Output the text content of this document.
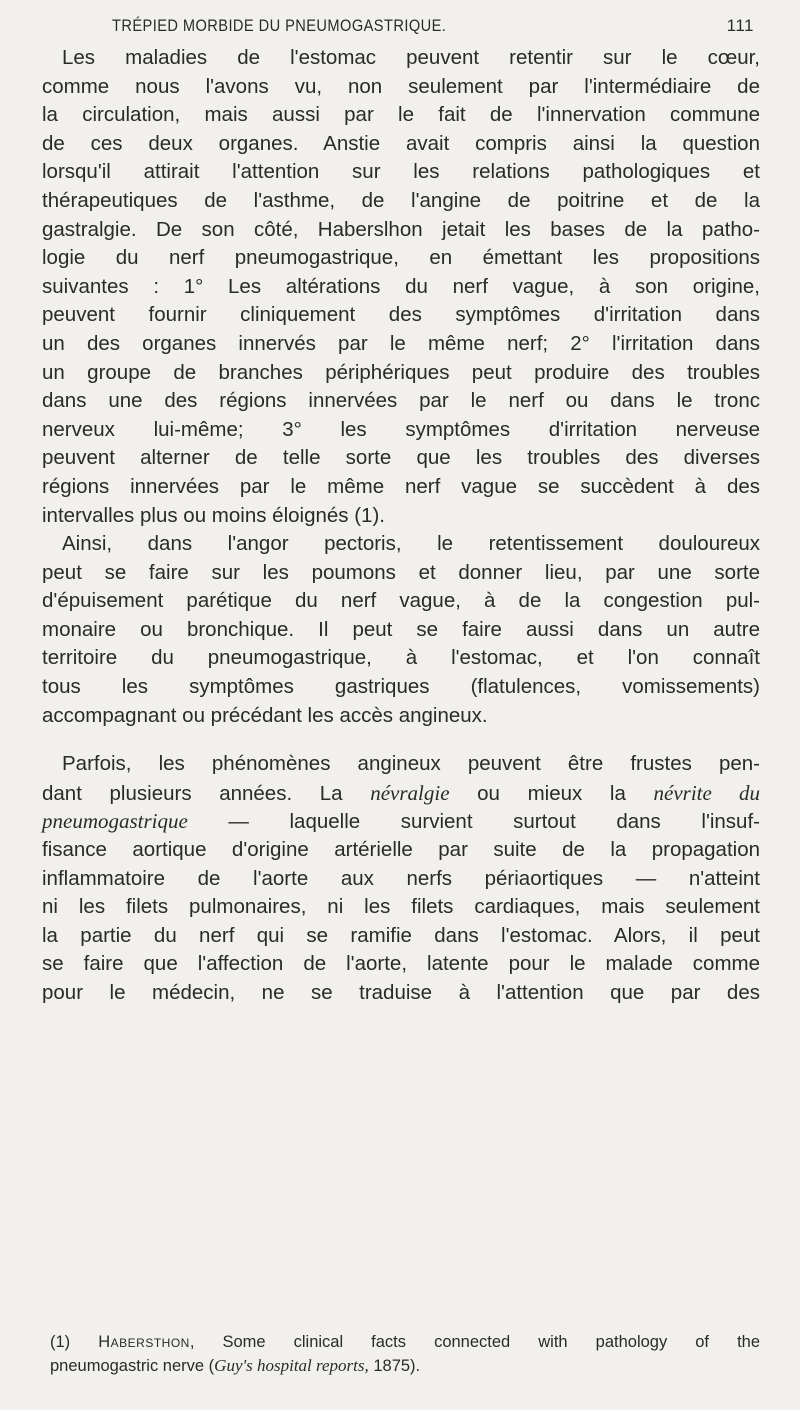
TRÉPIED MORBIDE DU PNEUMOGASTRIQUE.	111
Les maladies de l'estomac peuvent retentir sur le cœur,
comme nous l'avons vu, non seulement par l'intermédiaire de
la circulation, mais aussi par le fait de l'innervation commune
de ces deux organes. Anstie avait compris ainsi la question
lorsqu'il attirait l'attention sur les relations pathologiques et
thérapeutiques de l'asthme, de l'angine de poitrine et de la
gastralgie. De son côté, Haberslhon jetait les bases de la patho-
logie du nerf pneumogastrique, en émettant les propositions
suivantes : 1° Les altérations du nerf vague, à son origine,
peuvent fournir cliniquement des symptômes d'irritation dans
un des organes innervés par le même nerf; 2° l'irritation dans
un groupe de branches périphériques peut produire des troubles
dans une des régions innervées par le nerf ou dans le tronc
nerveux lui-même; 3° les symptômes d'irritation nerveuse
peuvent alterner de telle sorte que les troubles des diverses
régions innervées par le même nerf vague se succèdent à des
intervalles plus ou moins éloignés (1).
Ainsi, dans l'angor pectoris, le retentissement douloureux
peut se faire sur les poumons et donner lieu, par une sorte
d'épuisement parétique du nerf vague, à de la congestion pul-
monaire ou bronchique. Il peut se faire aussi dans un autre
territoire du pneumogastrique, à l'estomac, et l'on connaît
tous les symptômes gastriques (flatulences, vomissements)
accompagnant ou précédant les accès angineux.
Parfois, les phénomènes angineux peuvent être frustes pen-
dant plusieurs années. La névralgie ou mieux la névrite du
pneumogastrique — laquelle survient surtout dans l'insuf-
fisance aortique d'origine artérielle par suite de la propagation
inflammatoire de l'aorte aux nerfs périaortiques — n'atteint
ni les filets pulmonaires, ni les filets cardiaques, mais seulement
la partie du nerf qui se ramifie dans l'estomac. Alors, il peut
se faire que l'affection de l'aorte, latente pour le malade comme
pour le médecin, ne se traduise à l'attention que par des
(1) Habersthon, Some clinical facts connected with pathology of the
pneumogastric nerve (Guy's hospital reports, 1875).
